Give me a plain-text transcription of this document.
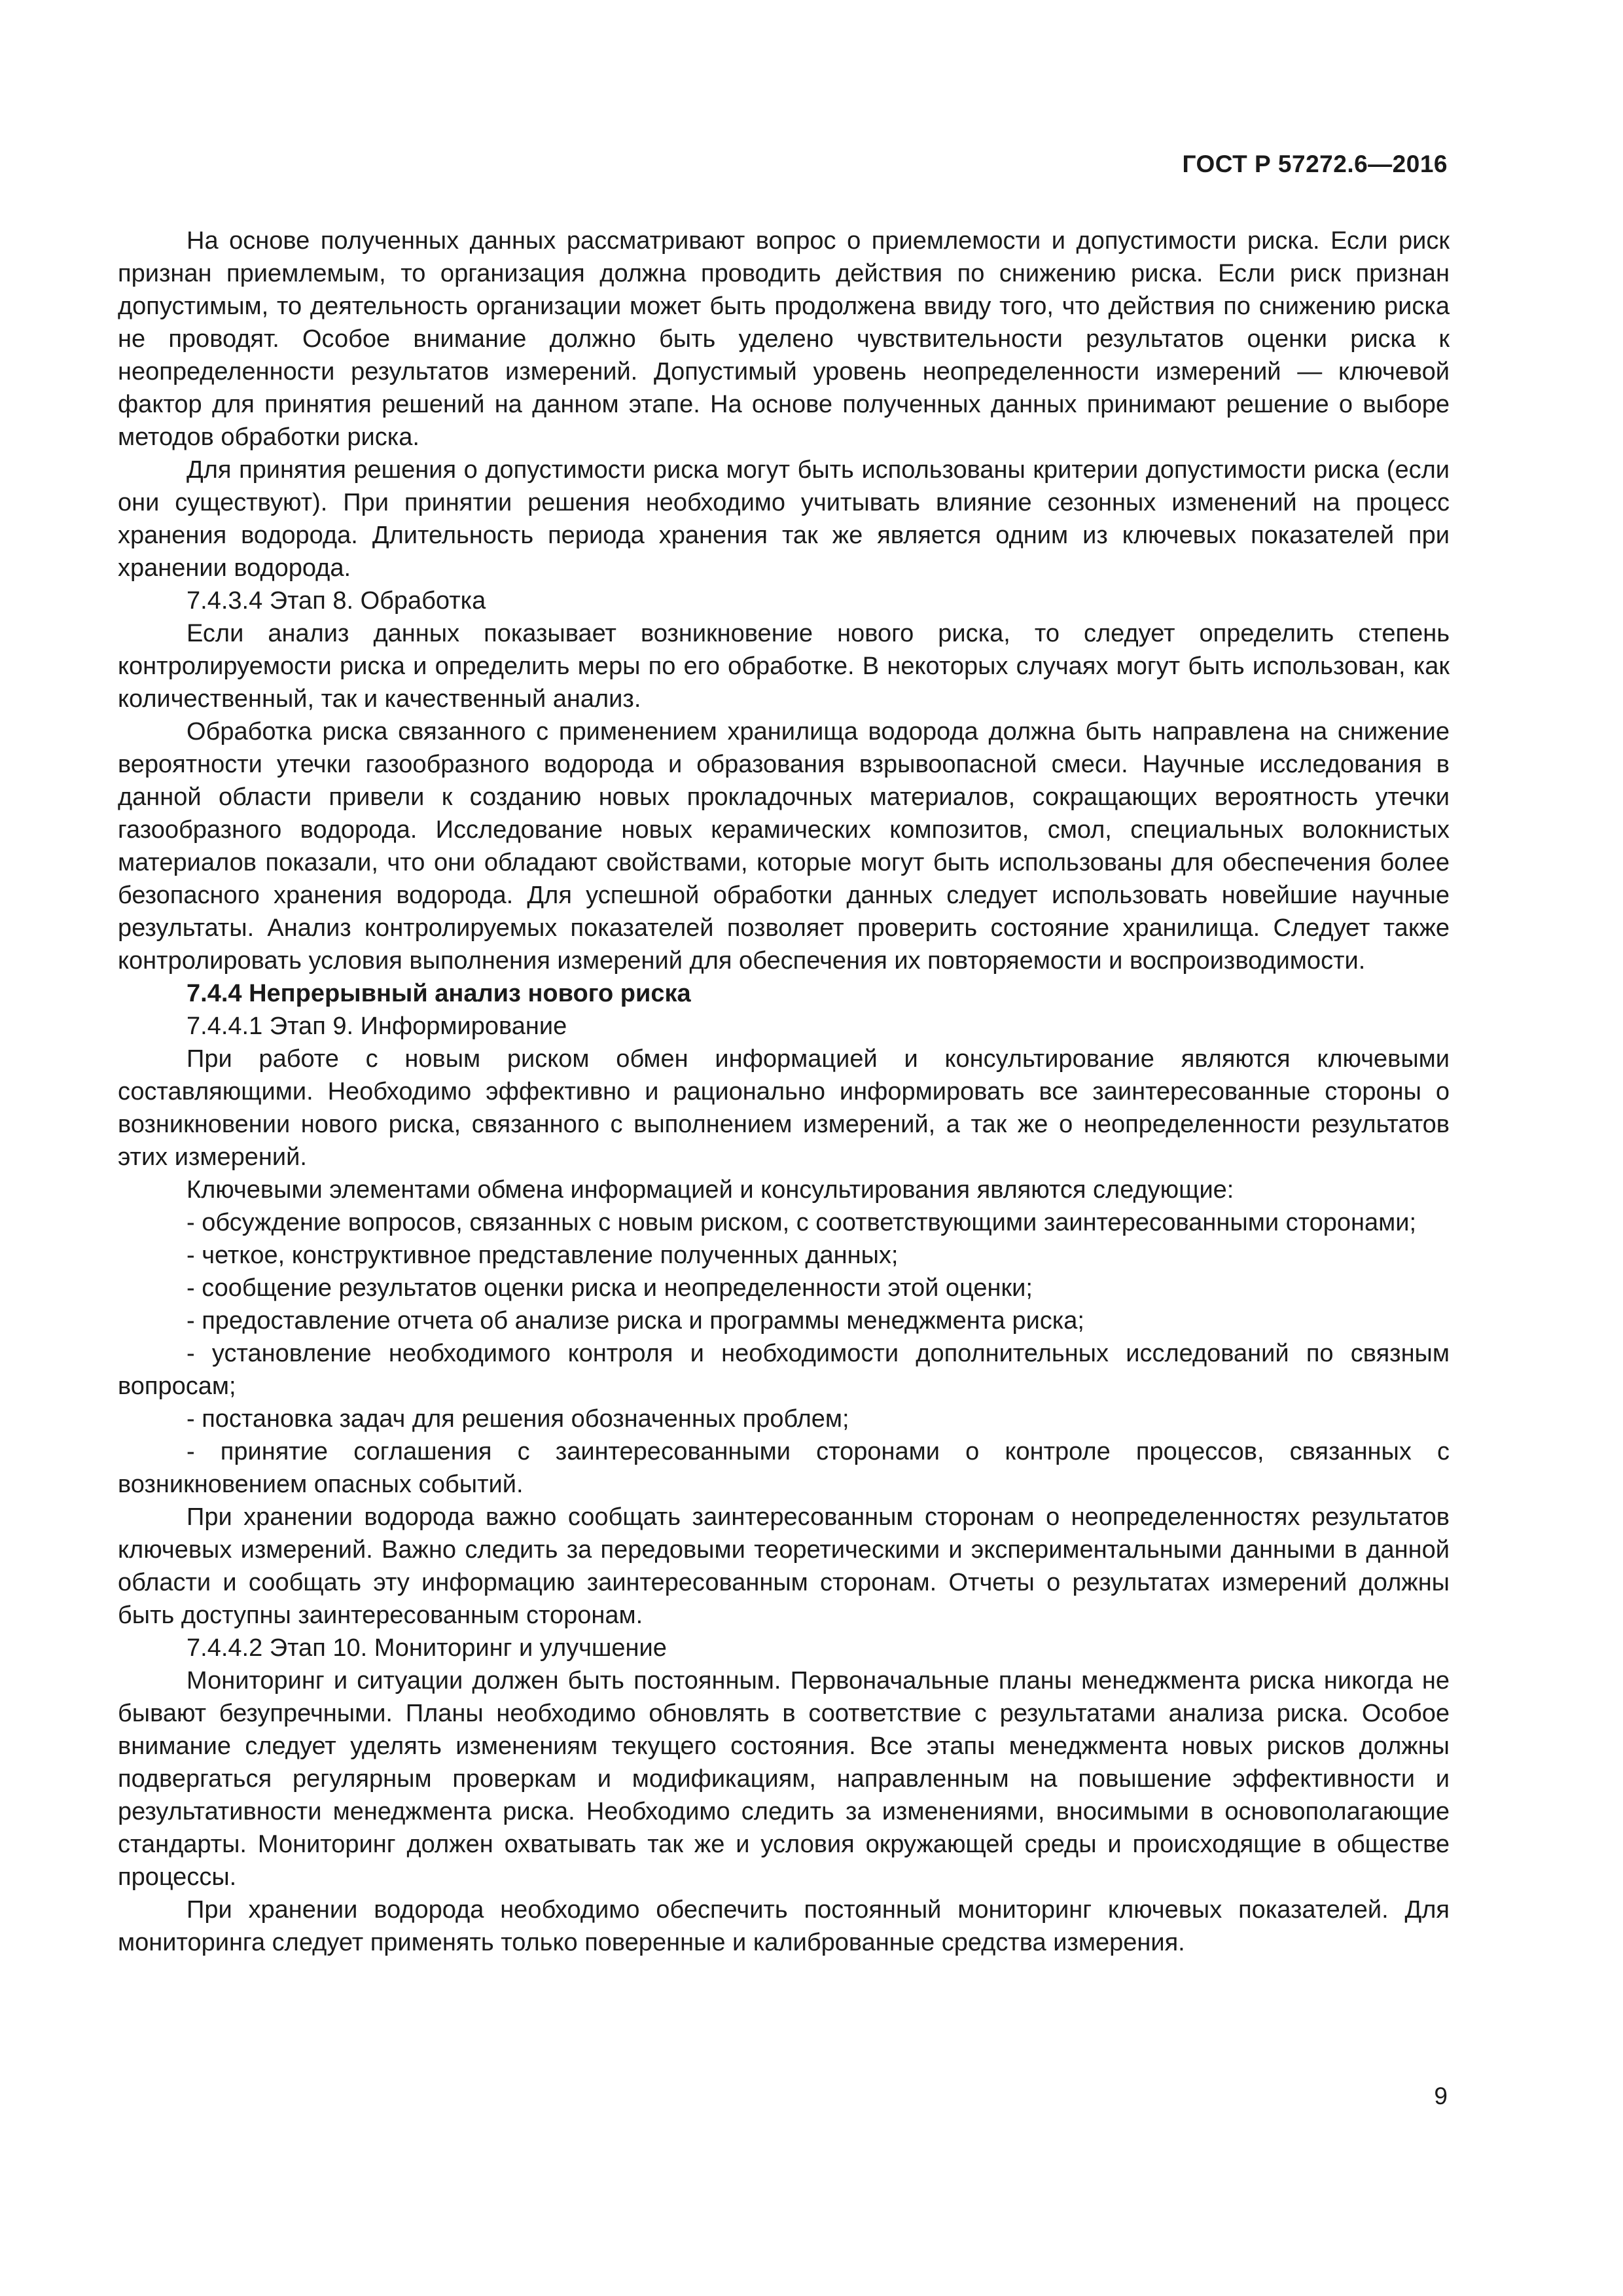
ГОСТ Р 57272.6—2016

На основе полученных данных рассматривают вопрос о приемлемости и допустимости риска. Если риск признан приемлемым, то организация должна проводить действия по снижению риска. Если риск признан допустимым, то деятельность организации может быть продолжена ввиду того, что действия по снижению риска не проводят. Особое внимание должно быть уделено чувствительности результатов оценки риска к неопределенности результатов измерений. Допустимый уровень неопределенности измерений — ключевой фактор для принятия решений на данном этапе. На основе полученных данных принимают решение о выборе методов обработки риска.

Для принятия решения о допустимости риска могут быть использованы критерии допустимости риска (если они существуют). При принятии решения необходимо учитывать влияние сезонных изменений на процесс хранения водорода. Длительность периода хранения так же является одним из ключевых показателей при хранении водорода.

7.4.3.4 Этап 8. Обработка

Если анализ данных показывает возникновение нового риска, то следует определить степень контролируемости риска и определить меры по его обработке. В некоторых случаях могут быть использован, как количественный, так и качественный анализ.

Обработка риска связанного с применением хранилища водорода должна быть направлена на снижение вероятности утечки газообразного водорода и образования взрывоопасной смеси. Научные исследования в данной области привели к созданию новых прокладочных материалов, сокращающих вероятность утечки газообразного водорода. Исследование новых керамических композитов, смол, специальных волокнистых материалов показали, что они обладают свойствами, которые могут быть использованы для обеспечения более безопасного хранения водорода. Для успешной обработки данных следует использовать новейшие научные результаты. Анализ контролируемых показателей позволяет проверить состояние хранилища. Следует также контролировать условия выполнения измерений для обеспечения их повторяемости и воспроизводимости.

7.4.4 Непрерывный анализ нового риска

7.4.4.1 Этап 9. Информирование

При работе с новым риском обмен информацией и консультирование являются ключевыми составляющими. Необходимо эффективно и рационально информировать все заинтересованные стороны о возникновении нового риска, связанного с выполнением измерений, а так же о неопределенности результатов этих измерений.

Ключевыми элементами обмена информацией и консультирования являются следующие:

- обсуждение вопросов, связанных с новым риском, с соответствующими заинтересованными сторонами;

- четкое, конструктивное представление полученных данных;

- сообщение результатов оценки риска и неопределенности этой оценки;

- предоставление отчета об анализе риска и программы менеджмента риска;

- установление необходимого контроля и необходимости дополнительных исследований по связным вопросам;

- постановка задач для решения обозначенных проблем;

- принятие соглашения с заинтересованными сторонами о контроле процессов, связанных с возникновением опасных событий.

При хранении водорода важно сообщать заинтересованным сторонам о неопределенностях результатов ключевых измерений. Важно следить за передовыми теоретическими и экспериментальными данными в данной области и сообщать эту информацию заинтересованным сторонам. Отчеты о результатах измерений должны быть доступны заинтересованным сторонам.

7.4.4.2 Этап 10. Мониторинг и улучшение

Мониторинг и ситуации должен быть постоянным. Первоначальные планы менеджмента риска никогда не бывают безупречными. Планы необходимо обновлять в соответствие с результатами анализа риска. Особое внимание следует уделять изменениям текущего состояния. Все этапы менеджмента новых рисков должны подвергаться регулярным проверкам и модификациям, направленным на повышение эффективности и результативности менеджмента риска. Необходимо следить за изменениями, вносимыми в основополагающие стандарты. Мониторинг должен охватывать так же и условия окружающей среды и происходящие в обществе процессы.

При хранении водорода необходимо обеспечить постоянный мониторинг ключевых показателей. Для мониторинга следует применять только поверенные и калиброванные средства измерения.

9
